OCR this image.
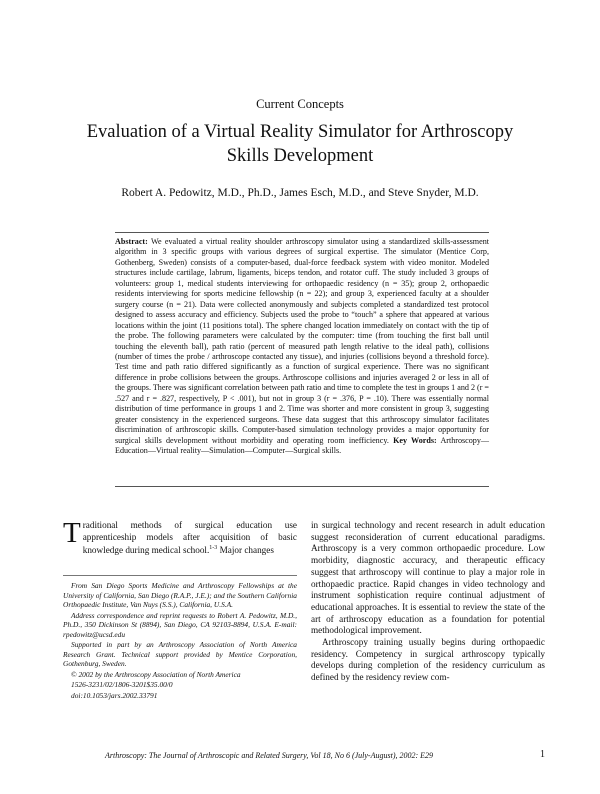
Current Concepts
Evaluation of a Virtual Reality Simulator for Arthroscopy
Skills Development
Robert A. Pedowitz, M.D., Ph.D., James Esch, M.D., and Steve Snyder, M.D.

Abstract: We evaluated a virtual reality shoulder arthroscopy simulator using a standardized skills-assessment algorithm in 3 specific groups with various degrees of surgical expertise. The simulator (Mentice Corp, Gothenberg, Sweden) consists of a computer-based, dual-force feedback system with video monitor. Modeled structures include cartilage, labrum, ligaments, biceps tendon, and rotator cuff. The study included 3 groups of volunteers: group 1, medical students interviewing for orthopaedic residency (n = 35); group 2, orthopaedic residents interviewing for sports medicine fellowship (n = 22); and group 3, experienced faculty at a shoulder surgery course (n = 21). Data were collected anonymously and subjects completed a standardized test protocol designed to assess accuracy and efficiency. Subjects used the probe to “touch” a sphere that appeared at various locations within the joint (11 positions total). The sphere changed location immediately on contact with the tip of the probe. The following parameters were calculated by the computer: time (from touching the first ball until touching the eleventh ball), path ratio (percent of measured path length relative to the ideal path), collisions (number of times the probe / arthroscope contacted any tissue), and injuries (collisions beyond a threshold force). Test time and path ratio differed significantly as a function of surgical experience. There was no significant difference in probe collisions between the groups. Arthroscope collisions and injuries averaged 2 or less in all of the groups. There was significant correlation between path ratio and time to complete the test in groups 1 and 2 (r = .527 and r = .827, respectively, P < .001), but not in group 3 (r = .376, P = .10). There was essentially normal distribution of time performance in groups 1 and 2. Time was shorter and more consistent in group 3, suggesting greater consistency in the experienced surgeons. These data suggest that this arthroscopy simulator facilitates discrimination of arthroscopic skills. Computer-based simulation technology provides a major opportunity for surgical skills development without morbidity and operating room inefficiency. Key Words: Arthroscopy—Education—Virtual reality—Simulation—Computer—Surgical skills.

Traditional methods of surgical education use apprenticeship models after acquisition of basic knowledge during medical school.$^{1-3}$ Major changes

From San Diego Sports Medicine and Arthroscopy Fellowships at the University of California, San Diego (R.A.P., J.E.); and the Southern California Orthopaedic Institute, Van Nuys (S.S.), California, U.S.A.

Address correspondence and reprint requests to Robert A. Pedowitz, M.D., Ph.D., 350 Dickinson St (8894), San Diego, CA 92103-8894, U.S.A. E-mail: rpedowitz@ucsd.edu

Supported in part by an Arthroscopy Association of North America Research Grant. Technical support provided by Mentice Corporation, Gothenburg, Sweden.

© 2002 by the Arthroscopy Association of North America

1526-3231/02/1806-3201$35.00/0

doi:10.1053/jars.2002.33791

in surgical technology and recent research in adult education suggest reconsideration of current educational paradigms. Arthroscopy is a very common orthopaedic procedure. Low morbidity, diagnostic accuracy, and therapeutic efficacy suggest that arthroscopy will continue to play a major role in orthopaedic practice. Rapid changes in video technology and instrument sophistication require continual adjustment of educational approaches. It is essential to review the state of the art of arthroscopy education as a foundation for potential methodological improvement.

Arthroscopy training usually begins during orthopaedic residency. Competency in surgical arthroscopy typically develops during completion of the residency curriculum as defined by the residency review com-

Arthroscopy: The Journal of Arthroscopic and Related Surgery, Vol 18, No 6 (July-August), 2002: E29	1
